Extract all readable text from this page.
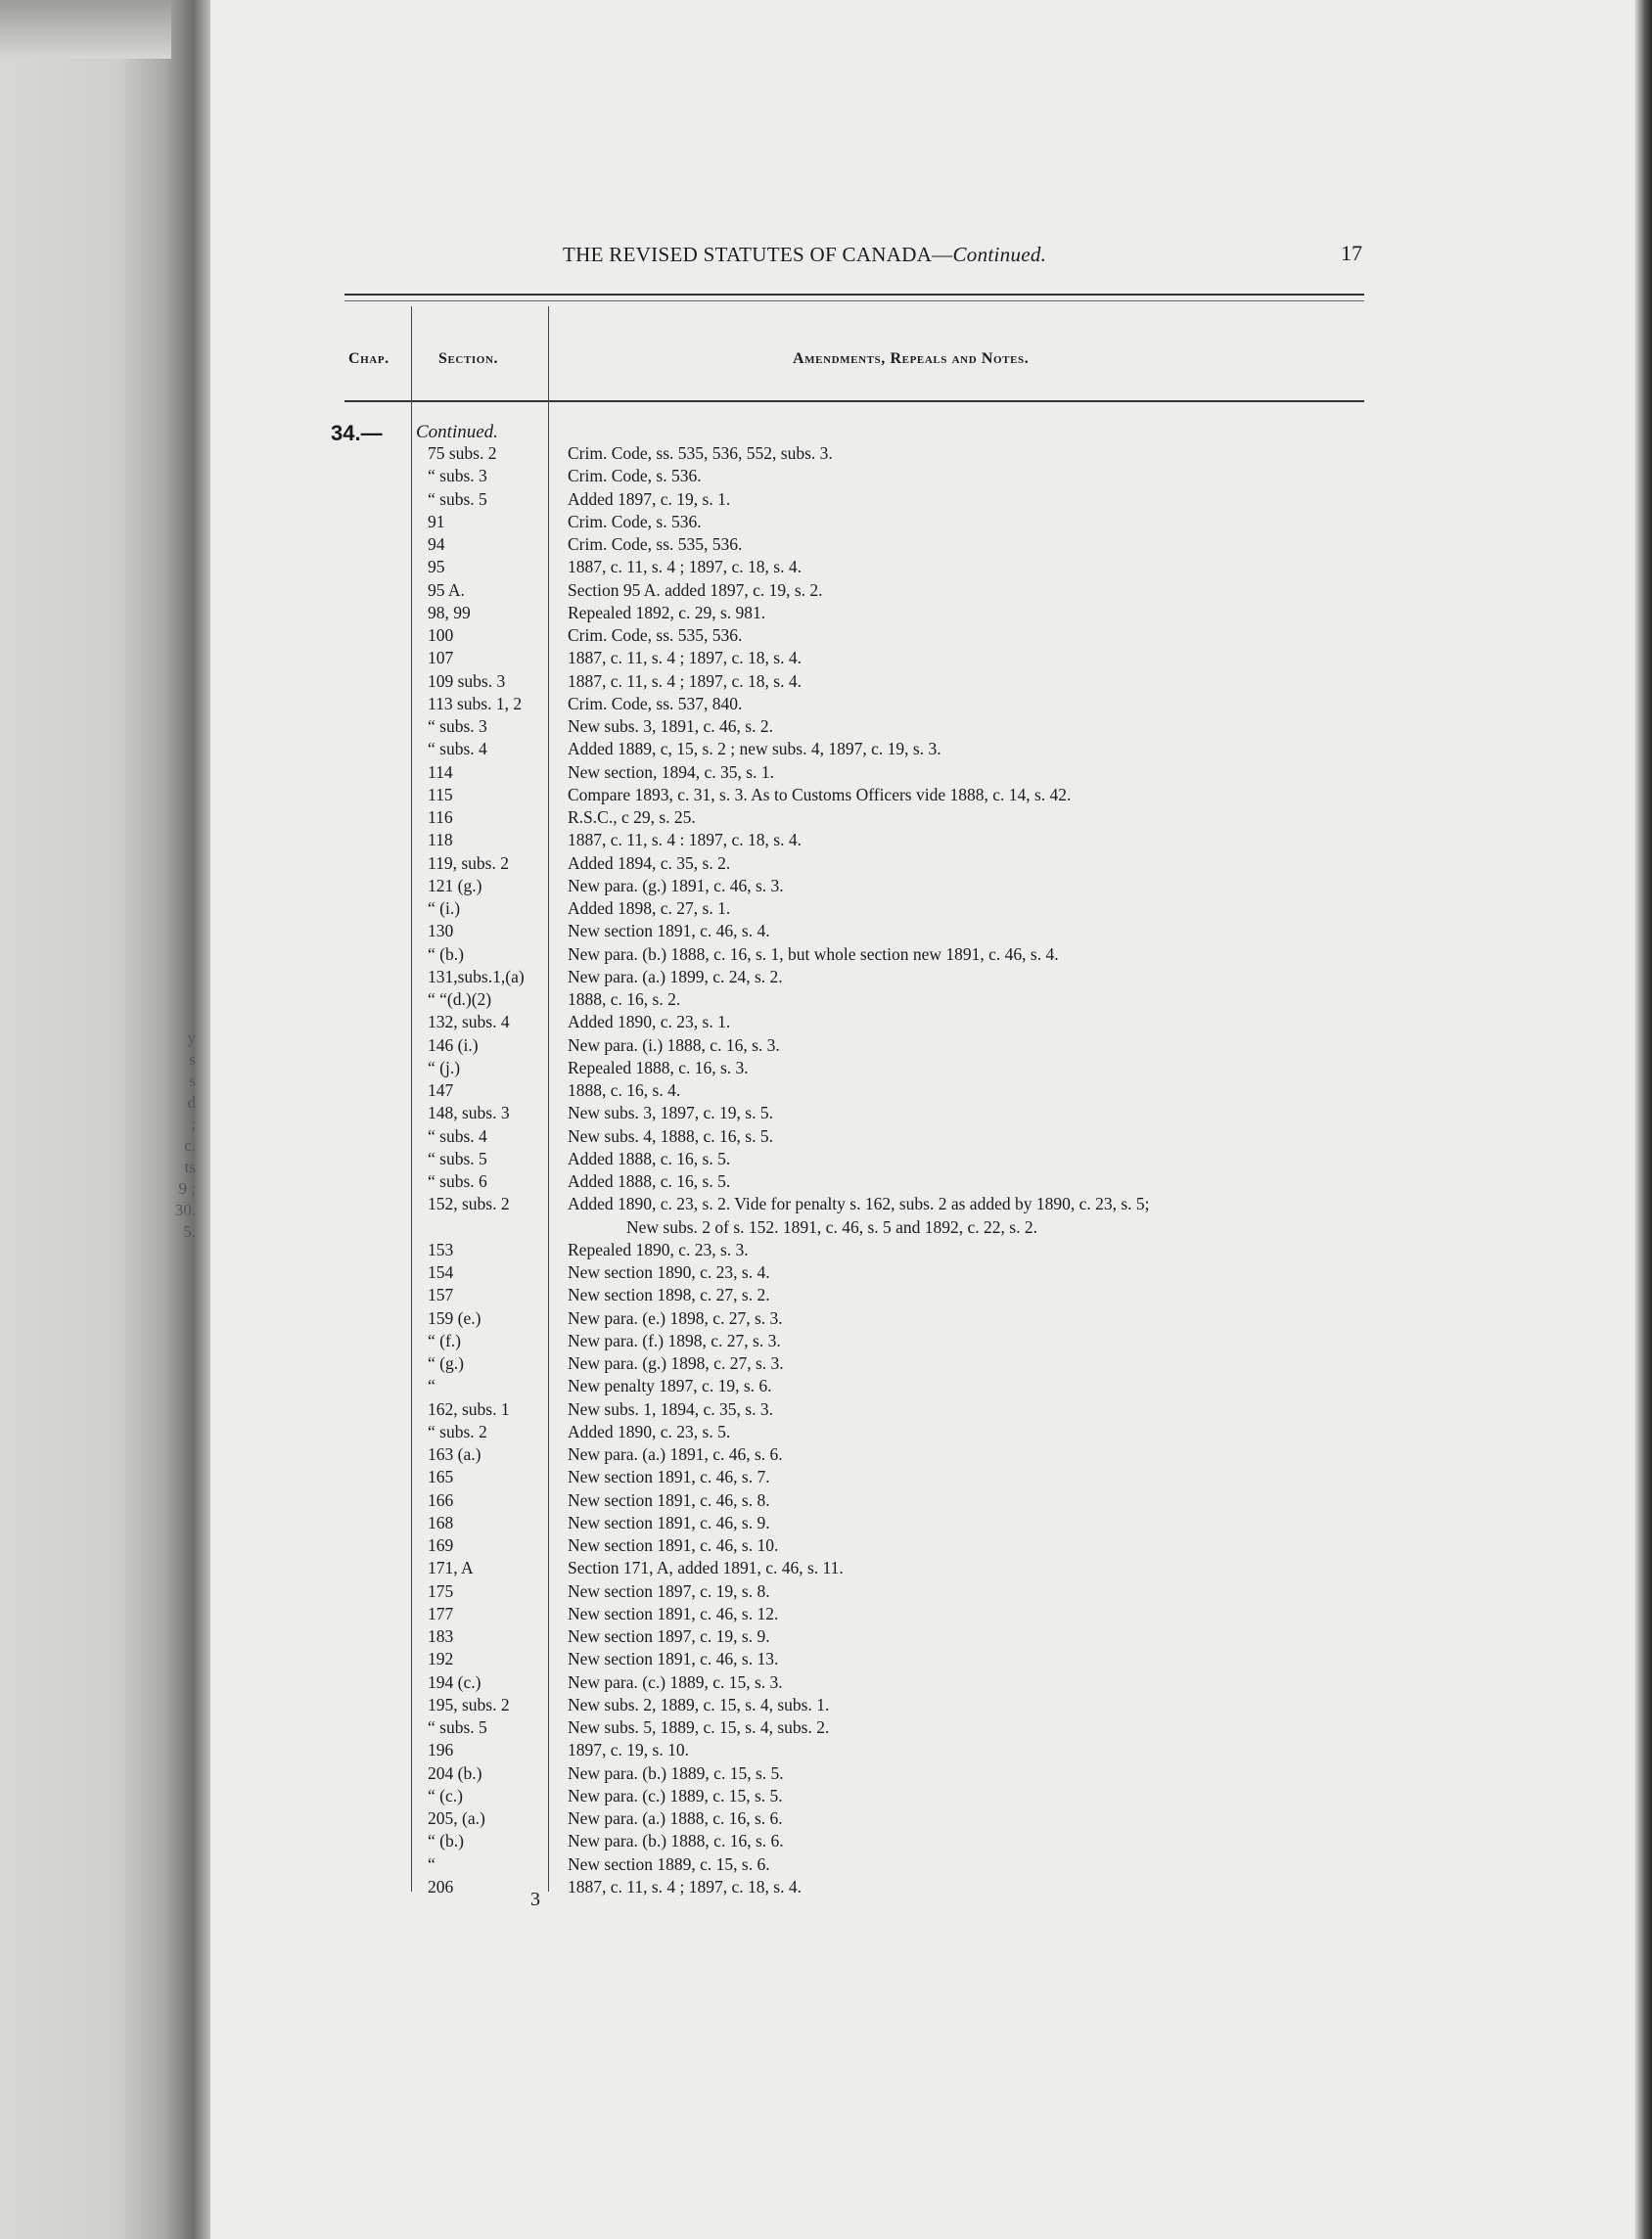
y
s
s
d
;
c.
ts
9 ;
30.
5.
THE REVISED STATUTES OF CANADA—Continued.	17
Chap.	Section.	Amendments, Repeals and Notes.
34.— Continued.
75 subs. 2	Crim. Code, ss. 535, 536, 552, subs. 3.
“ subs. 3	Crim. Code, s. 536.
“ subs. 5	Added 1897, c. 19, s. 1.
91	Crim. Code, s. 536.
94	Crim. Code, ss. 535, 536.
95	1887, c. 11, s. 4 ; 1897, c. 18, s. 4.
95 A.	Section 95 A. added 1897, c. 19, s. 2.
98, 99	Repealed 1892, c. 29, s. 981.
100	Crim. Code, ss. 535, 536.
107	1887, c. 11, s. 4 ; 1897, c. 18, s. 4.
109 subs. 3	1887, c. 11, s. 4 ; 1897, c. 18, s. 4.
113 subs. 1, 2	Crim. Code, ss. 537, 840.
“ subs. 3	New subs. 3, 1891, c. 46, s. 2.
“ subs. 4	Added 1889, c, 15, s. 2 ; new subs. 4, 1897, c. 19, s. 3.
114	New section, 1894, c. 35, s. 1.
115	Compare 1893, c. 31, s. 3. As to Customs Officers vide 1888, c. 14, s. 42.
116	R.S.C., c 29, s. 25.
118	1887, c. 11, s. 4 : 1897, c. 18, s. 4.
119, subs. 2	Added 1894, c. 35, s. 2.
121 (g.)	New para. (g.) 1891, c. 46, s. 3.
“ (i.)	Added 1898, c. 27, s. 1.
130	New section 1891, c. 46, s. 4.
“ (b.)	New para. (b.) 1888, c. 16, s. 1, but whole section new 1891, c. 46, s. 4.
131,subs.1,(a)	New para. (a.) 1899, c. 24, s. 2.
“ “(d.)(2)	1888, c. 16, s. 2.
132, subs. 4	Added 1890, c. 23, s. 1.
146 (i.)	New para. (i.) 1888, c. 16, s. 3.
“ (j.)	Repealed 1888, c. 16, s. 3.
147	1888, c. 16, s. 4.
148, subs. 3	New subs. 3, 1897, c. 19, s. 5.
“ subs. 4	New subs. 4, 1888, c. 16, s. 5.
“ subs. 5	Added 1888, c. 16, s. 5.
“ subs. 6	Added 1888, c. 16, s. 5.
152, subs. 2	Added 1890, c. 23, s. 2. Vide for penalty s. 162, subs. 2 as added by 1890, c. 23, s. 5;
New subs. 2 of s. 152. 1891, c. 46, s. 5 and 1892, c. 22, s. 2.
153	Repealed 1890, c. 23, s. 3.
154	New section 1890, c. 23, s. 4.
157	New section 1898, c. 27, s. 2.
159 (e.)	New para. (e.) 1898, c. 27, s. 3.
“ (f.)	New para. (f.) 1898, c. 27, s. 3.
“ (g.)	New para. (g.) 1898, c. 27, s. 3.
“	New penalty 1897, c. 19, s. 6.
162, subs. 1	New subs. 1, 1894, c. 35, s. 3.
“ subs. 2	Added 1890, c. 23, s. 5.
163 (a.)	New para. (a.) 1891, c. 46, s. 6.
165	New section 1891, c. 46, s. 7.
166	New section 1891, c. 46, s. 8.
168	New section 1891, c. 46, s. 9.
169	New section 1891, c. 46, s. 10.
171, A	Section 171, A, added 1891, c. 46, s. 11.
175	New section 1897, c. 19, s. 8.
177	New section 1891, c. 46, s. 12.
183	New section 1897, c. 19, s. 9.
192	New section 1891, c. 46, s. 13.
194 (c.)	New para. (c.) 1889, c. 15, s. 3.
195, subs. 2	New subs. 2, 1889, c. 15, s. 4, subs. 1.
“ subs. 5	New subs. 5, 1889, c. 15, s. 4, subs. 2.
196	1897, c. 19, s. 10.
204 (b.)	New para. (b.) 1889, c. 15, s. 5.
“ (c.)	New para. (c.) 1889, c. 15, s. 5.
205, (a.)	New para. (a.) 1888, c. 16, s. 6.
“ (b.)	New para. (b.) 1888, c. 16, s. 6.
“	New section 1889, c. 15, s. 6.
206	1887, c. 11, s. 4 ; 1897, c. 18, s. 4.
3
